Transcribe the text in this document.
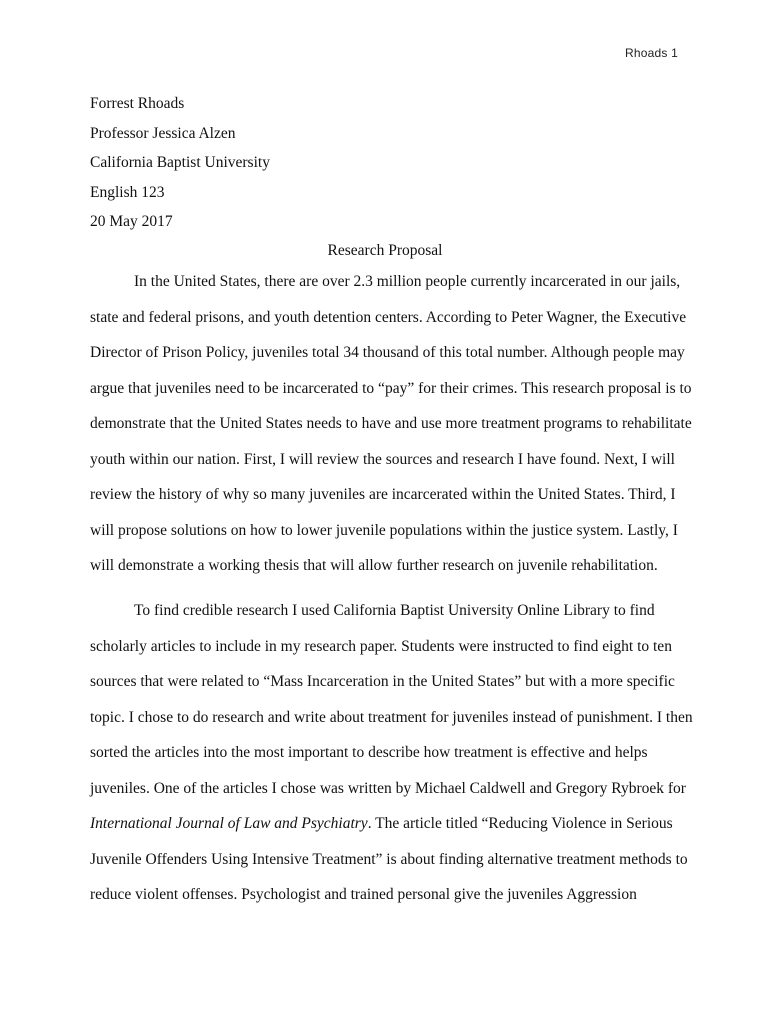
Rhoads 1
Forrest Rhoads
Professor Jessica Alzen
California Baptist University
English 123
20 May 2017
Research Proposal
In the United States, there are over 2.3 million people currently incarcerated in our jails,
state and federal prisons, and youth detention centers. According to Peter Wagner, the Executive
Director of Prison Policy, juveniles total 34 thousand of this total number. Although people may
argue that juveniles need to be incarcerated to “pay” for their crimes. This research proposal is to
demonstrate that the United States needs to have and use more treatment programs to rehabilitate
youth within our nation. First, I will review the sources and research I have found. Next, I will
review the history of why so many juveniles are incarcerated within the United States. Third, I
will propose solutions on how to lower juvenile populations within the justice system. Lastly, I
will demonstrate a working thesis that will allow further research on juvenile rehabilitation.
To find credible research I used California Baptist University Online Library to find
scholarly articles to include in my research paper. Students were instructed to find eight to ten
sources that were related to “Mass Incarceration in the United States” but with a more specific
topic. I chose to do research and write about treatment for juveniles instead of punishment. I then
sorted the articles into the most important to describe how treatment is effective and helps
juveniles. One of the articles I chose was written by Michael Caldwell and Gregory Rybroek for
International Journal of Law and Psychiatry. The article titled “Reducing Violence in Serious
Juvenile Offenders Using Intensive Treatment” is about finding alternative treatment methods to
reduce violent offenses. Psychologist and trained personal give the juveniles Aggression
